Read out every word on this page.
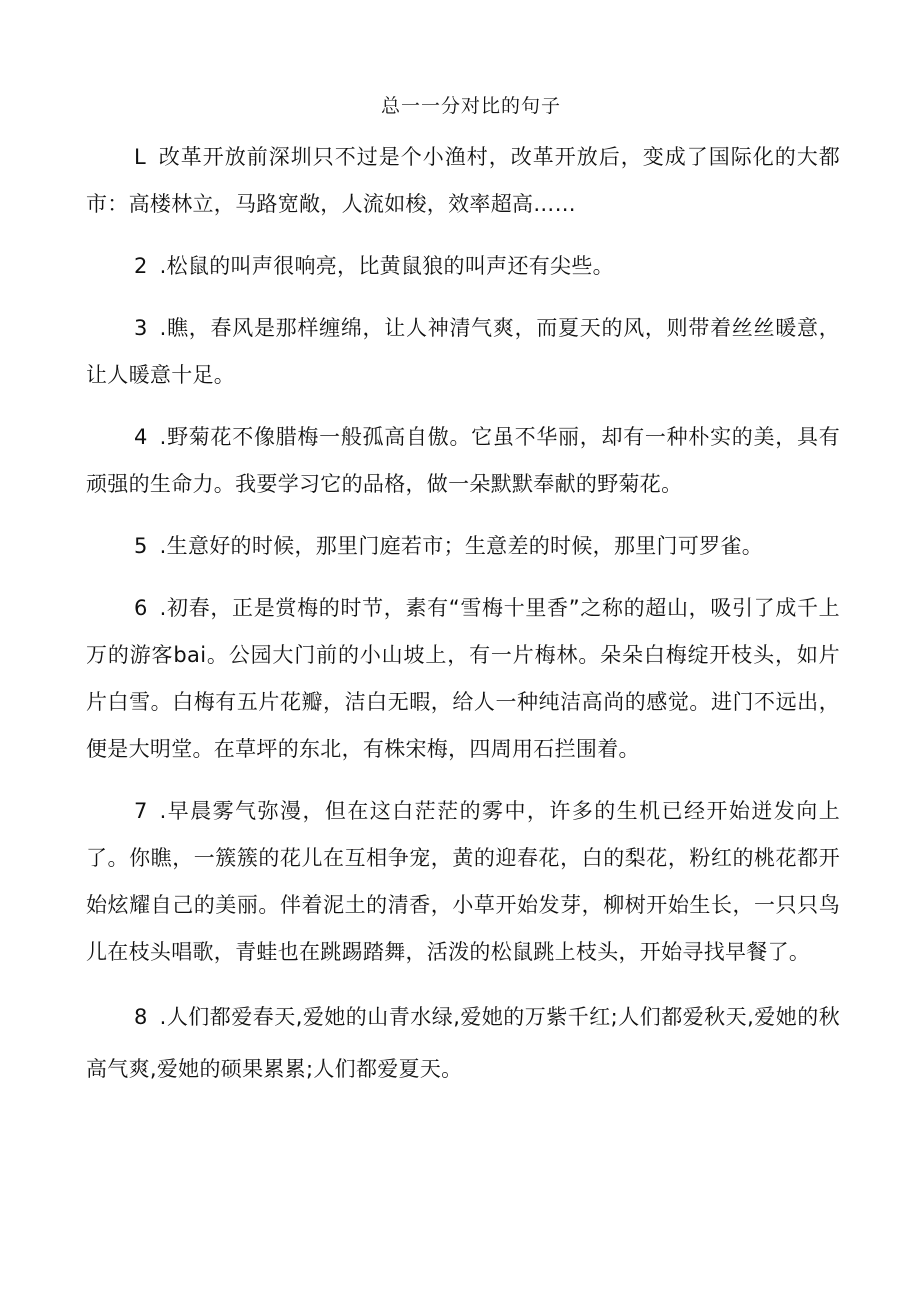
总一一分对比的句子

L 改革开放前深圳只不过是个小渔村，改革开放后，变成了国际化的大都市：高楼林立，马路宽敞，人流如梭，效率超高……

2 .松鼠的叫声很响亮，比黄鼠狼的叫声还有尖些。

3 .瞧，春风是那样缠绵，让人神清气爽，而夏天的风，则带着丝丝暖意，让人暖意十足。

4 .野菊花不像腊梅一般孤高自傲。它虽不华丽，却有一种朴实的美，具有顽强的生命力。我要学习它的品格，做一朵默默奉献的野菊花。

5 .生意好的时候，那里门庭若市；生意差的时候，那里门可罗雀。

6 .初春，正是赏梅的时节，素有“雪梅十里香”之称的超山，吸引了成千上万的游客bai。公园大门前的小山坡上，有一片梅林。朵朵白梅绽开枝头，如片片白雪。白梅有五片花瓣，洁白无暇，给人一种纯洁高尚的感觉。进门不远出，便是大明堂。在草坪的东北，有株宋梅，四周用石拦围着。

7 .早晨雾气弥漫，但在这白茫茫的雾中，许多的生机已经开始迸发向上了。你瞧，一簇簇的花儿在互相争宠，黄的迎春花，白的梨花，粉红的桃花都开始炫耀自己的美丽。伴着泥土的清香，小草开始发芽，柳树开始生长，一只只鸟儿在枝头唱歌，青蛙也在跳踢踏舞，活泼的松鼠跳上枝头，开始寻找早餐了。

8 .人们都爱春天,爱她的山青水绿,爱她的万紫千红;人们都爱秋天,爱她的秋高气爽,爱她的硕果累累;人们都爱夏天。
